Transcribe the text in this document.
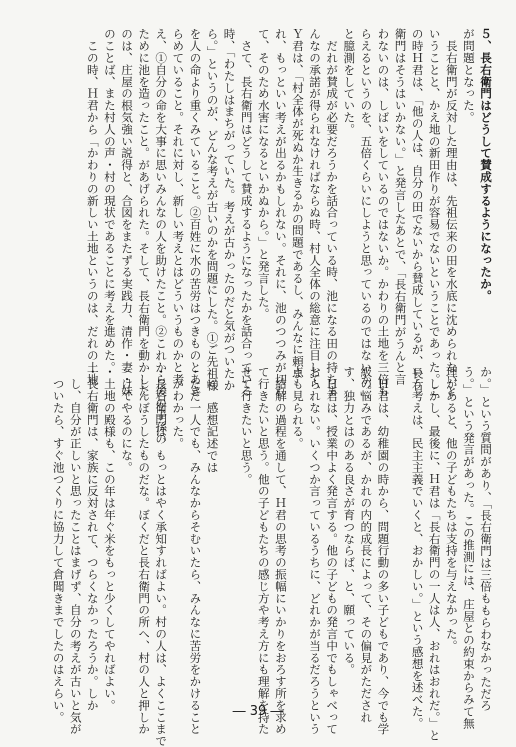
５、長右衛門はどうして賛成するようになったか。
が問題となった。
　長右衛門が反対した理由は、先祖伝来の田を水底に沈められないと
いうことと、かえ地の新田作りが容易でないということであった。こ
の時Ｈ君は、「他の人は、自分の田でないから賛成しているが、長右
衛門はそうはいかない。」と発言したあとで、「長右衛門がうんと言
わないのは、しばいをしているのではないか。かわりの土地を三倍も
らえるというのを、五倍くらいにしようと思っているのではないか。」
と臆測をしていた。
　だれが賛成が必要だろうかを話合っている時、池になる田の持ちま
んなの承諾が得られなければならぬ時、村人全体の総意に注目して、
Ｙ君は、「村全体が死ぬか生きるかの問題であるし、みんなに頼ま
れ、もっといい考えが出るかもしれない。それに、池のつつみが切れ
て、そのため水害になるといかぬから。」と発言した。
　さて、長右衛門はどうして賛成するようになったかを話合っている
時、「わたしはまちがっていた。考えが古かったのだと気がついたか
ら。」というのが、どんな考えが古いのかを問題にした。①ご先祖様
を人の命より重くみていること。②百姓に水の苦労はつきものとあき
らめていること。それに対し、新しい考えとはどういうものかと考
え、①自分の命を大事に思いみんなの人を助けたこと。②これから後の子孫の
ために池を造ったこと。があげられた。そして、長右衛門を動かした
のは、庄屋の根気強い説得と、合図をまたずる実践力、清作・妻・妹
のことば、また村人の声・村の現状であることに考えを進めた。
　この時、Ｈ君から「かわりの新しい土地というのは、だれの土地
か。」という質問があり、「長右衛門は三倍ももらわなかっただろ
う。」という発言があった。この推測には、庄屋との約束からみて無
理があると、他の子どもたちは支持を与えなかった。
　しかし、最後に、Ｈ君は「長右衛門の一人は人、おれはおれだ。」と
いう考えは、民主主義でいくと、おかしい。」という感想を述べた。

　Ｈ君は、幼稚園の時から、問題行動の多い子どもであり、今でも学
級の悩みであるが、かれの内的成長によって、その偏見がただされ
す、独力とはのある良さが育つならば、と、願っている。
　Ｈ君は、授業中よく発言する。他の子どもの発言中でもしゃべって
おられない。いくつか言っているうちに、どれかが当るだろうという
点も見られる。
　結解の過程を通して、Ｈ君の思考の振幅にいかりをおろす所を求め
て行きたいと思う。他の子どもたちの感じ方や考え方にも理解を持た
せて行きたいと思う。

　⑥　感想記述では
・ただ一人でも、みんなからそむいたら、みんなに苦労をかけること
　がわかった。
・長右衛門は、もっとはやく承知すればよい。村の人は、よくここまで
　しんぼうしたものだな。ぼくだと長右衛門の所へ、村の人と押しか
　けてやるのにな。
・土地の殿様も、この年は年ぐ米をもっと少くしてやればよい。
・長右衛門は、家族に反対されて、つらくなかったろうか。しか
　し、自分が正しいと思ったことはまげず、自分の考えが古いと気が
　ついたら、すぐ池つくりに協力して倉聞きまでしたのはえらい。	― 39 ―
